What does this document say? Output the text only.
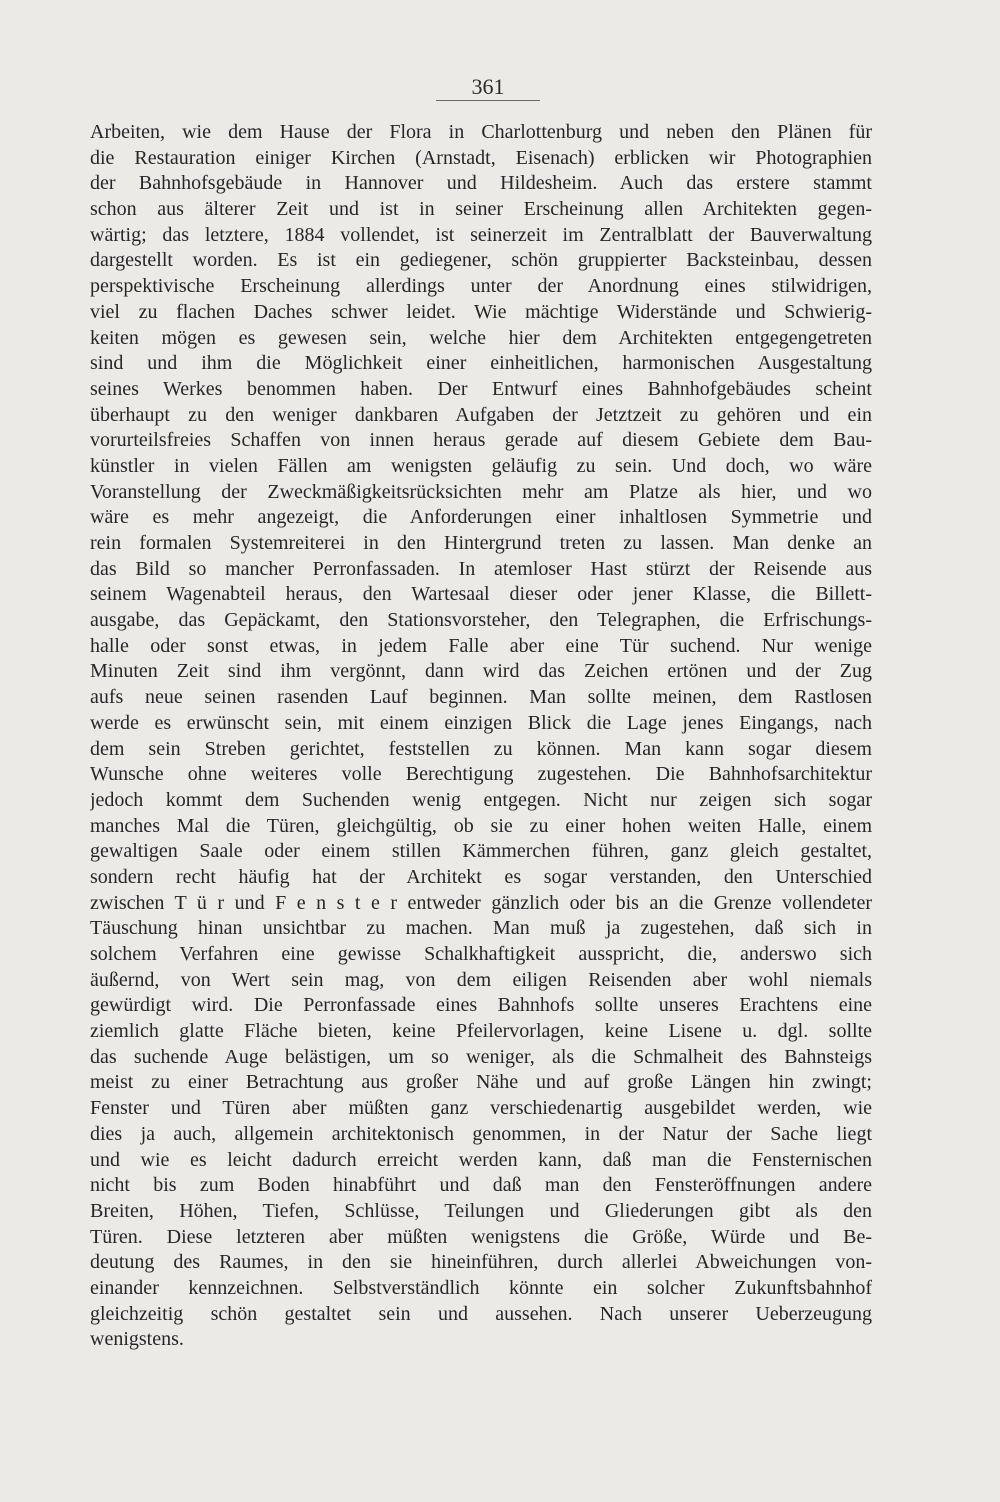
361
Arbeiten, wie dem Hause der Flora in Charlottenburg und neben den Plänen für
die Restauration einiger Kirchen (Arnstadt, Eisenach) erblicken wir Photographien
der Bahnhofsgebäude in Hannover und Hildesheim. Auch das erstere stammt
schon aus älterer Zeit und ist in seiner Erscheinung allen Architekten gegen-
wärtig; das letztere, 1884 vollendet, ist seinerzeit im Zentralblatt der Bauverwaltung
dargestellt worden. Es ist ein gediegener, schön gruppierter Backsteinbau, dessen
perspektivische Erscheinung allerdings unter der Anordnung eines stilwidrigen,
viel zu flachen Daches schwer leidet. Wie mächtige Widerstände und Schwierig-
keiten mögen es gewesen sein, welche hier dem Architekten entgegengetreten
sind und ihm die Möglichkeit einer einheitlichen, harmonischen Ausgestaltung
seines Werkes benommen haben. Der Entwurf eines Bahnhofgebäudes scheint
überhaupt zu den weniger dankbaren Aufgaben der Jetztzeit zu gehören und ein
vorurteilsfreies Schaffen von innen heraus gerade auf diesem Gebiete dem Bau-
künstler in vielen Fällen am wenigsten geläufig zu sein. Und doch, wo wäre
Voranstellung der Zweckmäßigkeitsrücksichten mehr am Platze als hier, und wo
wäre es mehr angezeigt, die Anforderungen einer inhaltlosen Symmetrie und
rein formalen Systemreiterei in den Hintergrund treten zu lassen. Man denke an
das Bild so mancher Perronfassaden. In atemloser Hast stürzt der Reisende aus
seinem Wagenabteil heraus, den Wartesaal dieser oder jener Klasse, die Billett-
ausgabe, das Gepäckamt, den Stationsvorsteher, den Telegraphen, die Erfrischungs-
halle oder sonst etwas, in jedem Falle aber eine Tür suchend. Nur wenige
Minuten Zeit sind ihm vergönnt, dann wird das Zeichen ertönen und der Zug
aufs neue seinen rasenden Lauf beginnen. Man sollte meinen, dem Rastlosen
werde es erwünscht sein, mit einem einzigen Blick die Lage jenes Eingangs, nach
dem sein Streben gerichtet, feststellen zu können. Man kann sogar diesem
Wunsche ohne weiteres volle Berechtigung zugestehen. Die Bahnhofsarchitektur
jedoch kommt dem Suchenden wenig entgegen. Nicht nur zeigen sich sogar
manches Mal die Türen, gleichgültig, ob sie zu einer hohen weiten Halle, einem
gewaltigen Saale oder einem stillen Kämmerchen führen, ganz gleich gestaltet,
sondern recht häufig hat der Architekt es sogar verstanden, den Unterschied
zwischen T ü r und F e n s t e r entweder gänzlich oder bis an die Grenze vollendeter
Täuschung hinan unsichtbar zu machen. Man muß ja zugestehen, daß sich in
solchem Verfahren eine gewisse Schalkhaftigkeit ausspricht, die, anderswo sich
äußernd, von Wert sein mag, von dem eiligen Reisenden aber wohl niemals
gewürdigt wird. Die Perronfassade eines Bahnhofs sollte unseres Erachtens eine
ziemlich glatte Fläche bieten, keine Pfeilervorlagen, keine Lisene u. dgl. sollte
das suchende Auge belästigen, um so weniger, als die Schmalheit des Bahnsteigs
meist zu einer Betrachtung aus großer Nähe und auf große Längen hin zwingt;
Fenster und Türen aber müßten ganz verschiedenartig ausgebildet werden, wie
dies ja auch, allgemein architektonisch genommen, in der Natur der Sache liegt
und wie es leicht dadurch erreicht werden kann, daß man die Fensternischen
nicht bis zum Boden hinabführt und daß man den Fensteröffnungen andere
Breiten, Höhen, Tiefen, Schlüsse, Teilungen und Gliederungen gibt als den
Türen. Diese letzteren aber müßten wenigstens die Größe, Würde und Be-
deutung des Raumes, in den sie hineinführen, durch allerlei Abweichungen von-
einander kennzeichnen. Selbstverständlich könnte ein solcher Zukunftsbahnhof
gleichzeitig schön gestaltet sein und aussehen. Nach unserer Ueberzeugung
wenigstens.
